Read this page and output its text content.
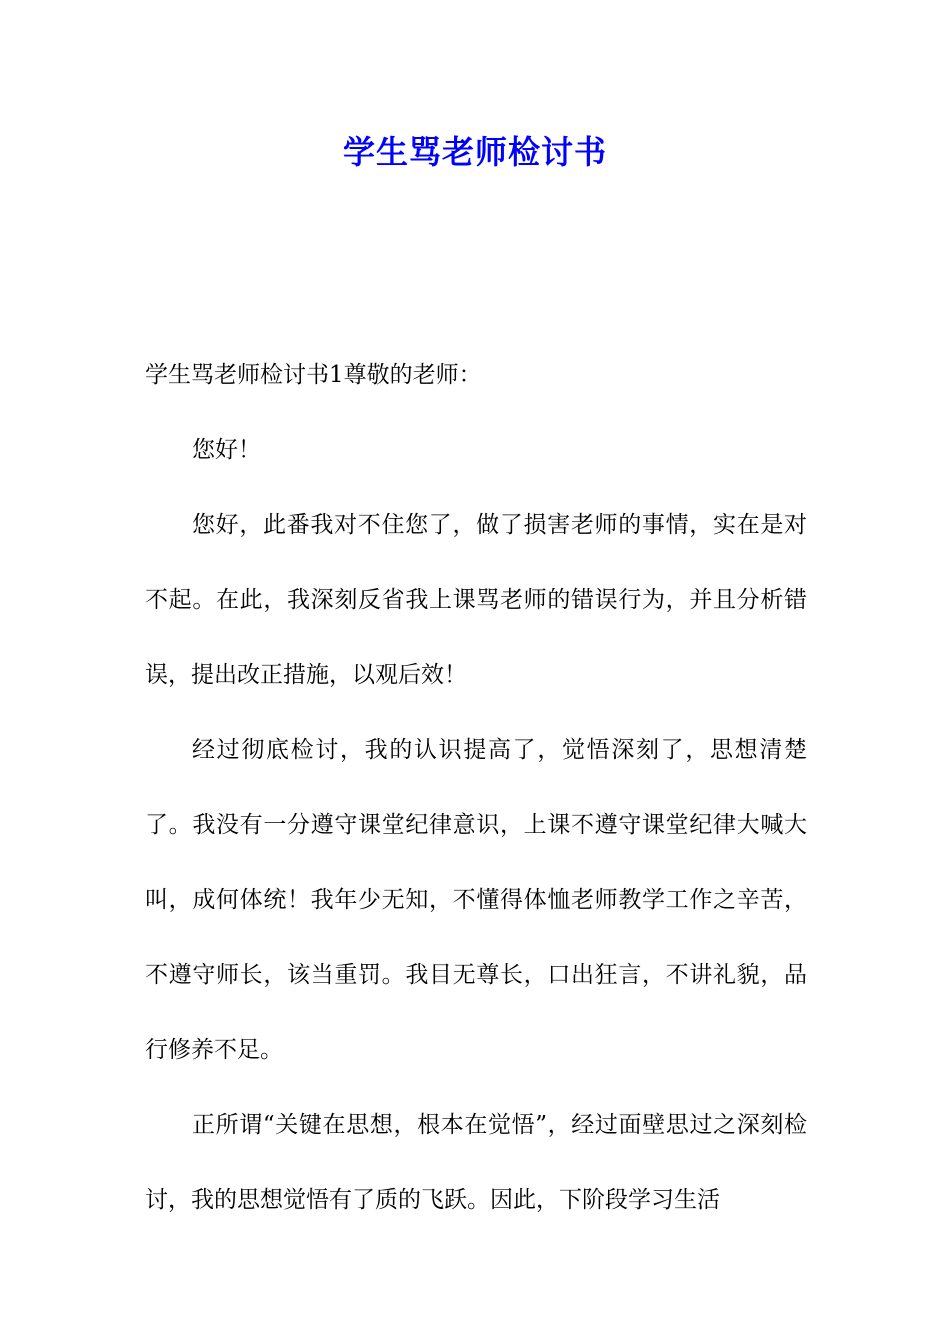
学生骂老师检讨书

学生骂老师检讨书1尊敬的老师：

您好！

您好，此番我对不住您了，做了损害老师的事情，实在是对不起。在此，我深刻反省我上课骂老师的错误行为，并且分析错误，提出改正措施，以观后效！

经过彻底检讨，我的认识提高了，觉悟深刻了，思想清楚了。我没有一分遵守课堂纪律意识，上课不遵守课堂纪律大喊大叫，成何体统！我年少无知，不懂得体恤老师教学工作之辛苦，不遵守师长，该当重罚。我目无尊长，口出狂言，不讲礼貌，品行修养不足。

正所谓“关键在思想，根本在觉悟”，经过面壁思过之深刻检讨，我的思想觉悟有了质的飞跃。因此，下阶段学习生活
